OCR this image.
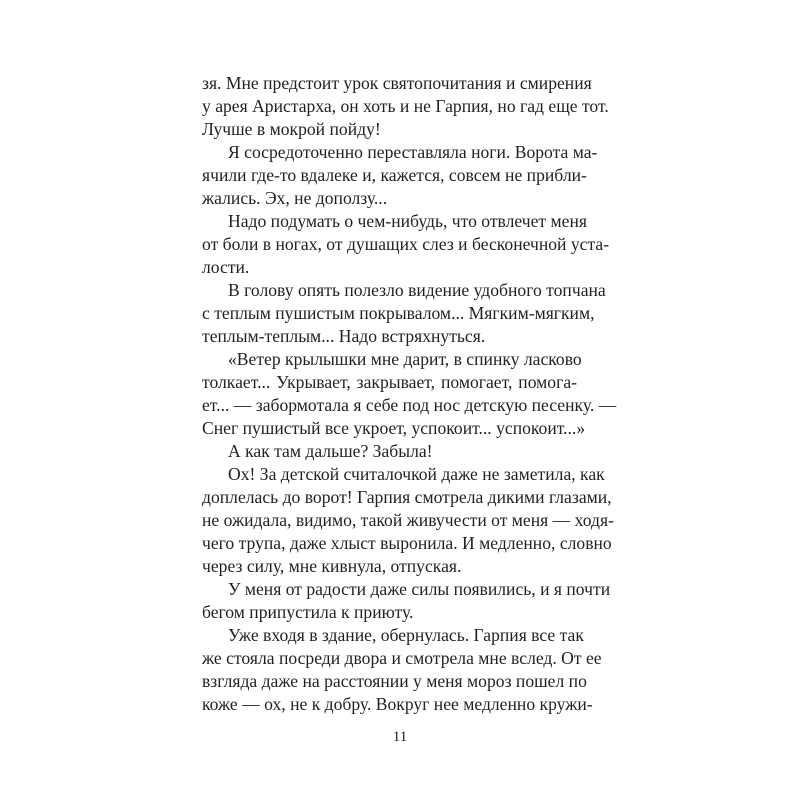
зя. Мне предстоит урок святопочитания и смирения
у арея Аристарха, он хоть и не Гарпия, но гад еще тот.
Лучше в мокрой пойду!
Я сосредоточенно переставляла ноги. Ворота ма-
ячили где-то вдалеке и, кажется, совсем не прибли-
жались. Эх, не доползу...
Надо подумать о чем-нибудь, что отвлечет меня
от боли в ногах, от душащих слез и бесконечной уста-
лости.
В голову опять полезло видение удобного топчана
с теплым пушистым покрывалом... Мягким-мягким,
теплым-теплым... Надо встряхнуться.
«Ветер крылышки мне дарит, в спинку ласково
толкает... Укрывает, закрывает, помогает, помога-
ет... — забормотала я себе под нос детскую песенку. —
Снег пушистый все укроет, успокоит... успокоит...»
А как там дальше? Забыла!
Ох! За детской считалочкой даже не заметила, как
доплелась до ворот! Гарпия смотрела дикими глазами,
не ожидала, видимо, такой живучести от меня — ходя-
чего трупа, даже хлыст выронила. И медленно, словно
через силу, мне кивнула, отпуская.
У меня от радости даже силы появились, и я почти
бегом припустила к приюту.
Уже входя в здание, обернулась. Гарпия все так
же стояла посреди двора и смотрела мне вслед. От ее
взгляда даже на расстоянии у меня мороз пошел по
коже — ох, не к добру. Вокруг нее медленно кружи-
11
